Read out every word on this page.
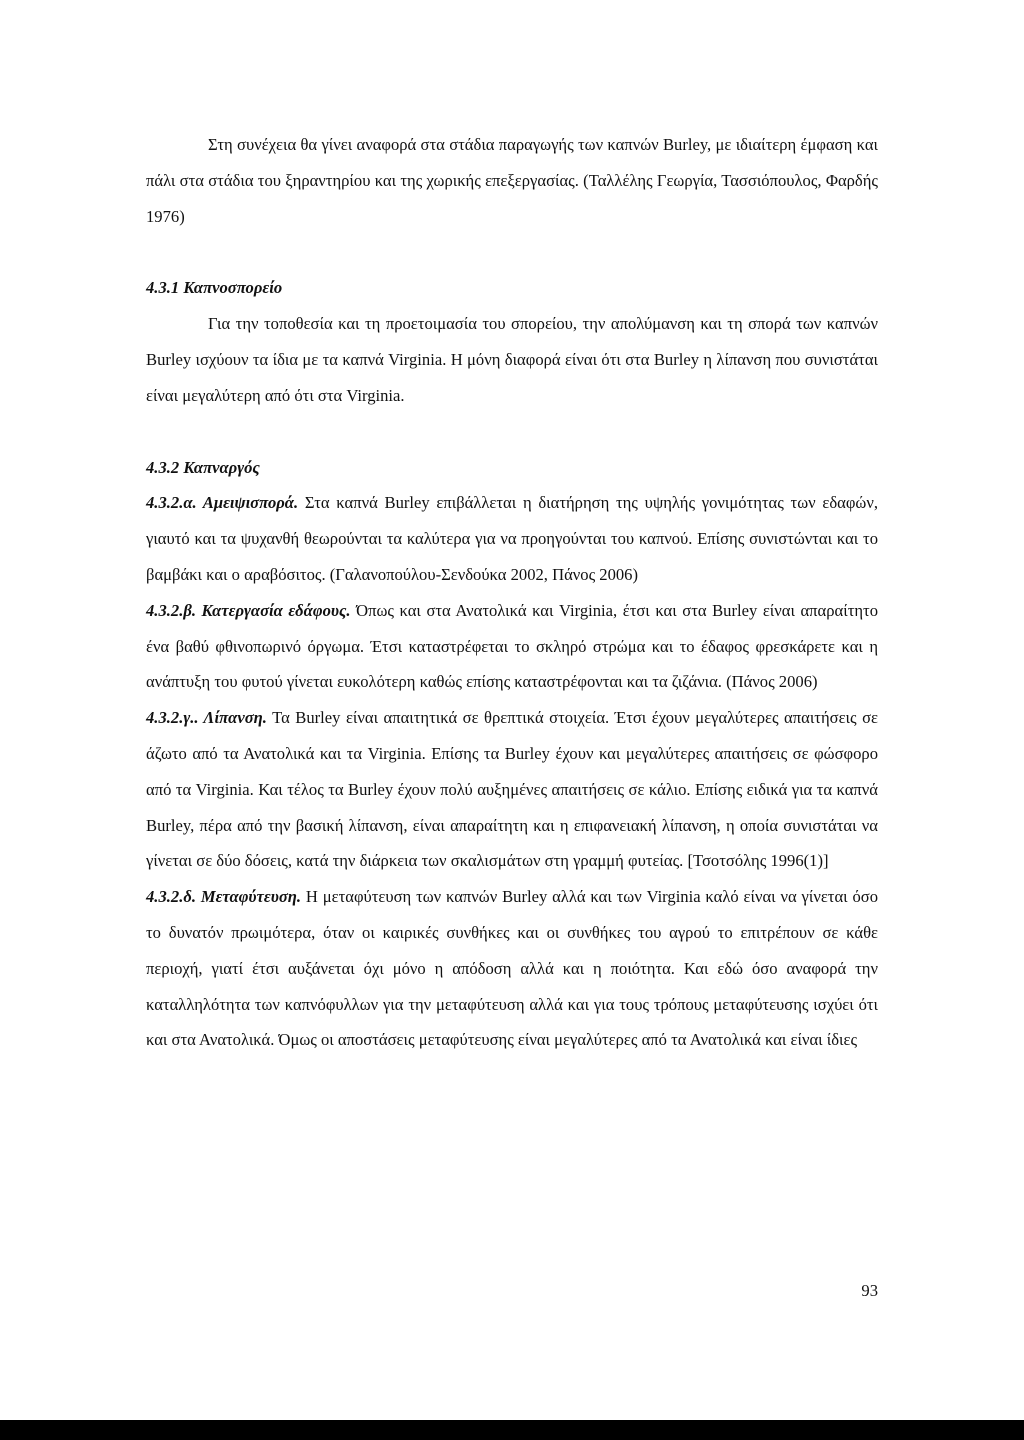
Στη συνέχεια θα γίνει αναφορά στα στάδια παραγωγής των καπνών Burley, με ιδιαίτερη έμφαση και πάλι στα στάδια του ξηραντηρίου και της χωρικής επεξεργασίας. (Ταλλέλης Γεωργία, Τασσιόπουλος, Φαρδής 1976)

4.3.1 Καπνοσπορείο

Για την τοποθεσία και τη προετοιμασία του σπορείου, την απολύμανση και τη σπορά των καπνών Burley ισχύουν τα ίδια με τα καπνά Virginia. Η μόνη διαφορά είναι ότι στα Burley η λίπανση που συνιστάται είναι μεγαλύτερη από ότι στα Virginia.

4.3.2 Καπναργός

4.3.2.α. Αμειψισπορά. Στα καπνά Burley επιβάλλεται η διατήρηση της υψηλής γονιμότητας των εδαφών, γιαυτό και τα ψυχανθή θεωρούνται τα καλύτερα για να προηγούνται του καπνού. Επίσης συνιστώνται και το βαμβάκι και ο αραβόσιτος. (Γαλανοπούλου-Σενδούκα 2002, Πάνος 2006)

4.3.2.β. Κατεργασία εδάφους. Όπως και στα Ανατολικά και Virginia, έτσι και στα Burley είναι απαραίτητο ένα βαθύ φθινοπωρινό όργωμα. Έτσι καταστρέφεται το σκληρό στρώμα και το έδαφος φρεσκάρετε και η ανάπτυξη του φυτού γίνεται ευκολότερη καθώς επίσης καταστρέφονται και τα ζιζάνια. (Πάνος 2006)

4.3.2.γ.. Λίπανση. Τα Burley είναι απαιτητικά σε θρεπτικά στοιχεία. Έτσι έχουν μεγαλύτερες απαιτήσεις σε άζωτο από τα Ανατολικά και τα Virginia. Επίσης τα Burley έχουν και μεγαλύτερες απαιτήσεις σε φώσφορο από τα Virginia. Και τέλος τα Burley έχουν πολύ αυξημένες απαιτήσεις σε κάλιο. Επίσης ειδικά για τα καπνά Burley, πέρα από την βασική λίπανση, είναι απαραίτητη και η επιφανειακή λίπανση, η οποία συνιστάται να γίνεται σε δύο δόσεις, κατά την διάρκεια των σκαλισμάτων στη γραμμή φυτείας. [Τσοτσόλης 1996(1)]

4.3.2.δ. Μεταφύτευση. Η μεταφύτευση των καπνών Burley αλλά και των Virginia καλό είναι να γίνεται όσο το δυνατόν πρωιμότερα, όταν οι καιρικές συνθήκες και οι συνθήκες του αγρού το επιτρέπουν σε κάθε περιοχή, γιατί έτσι αυξάνεται όχι μόνο η απόδοση αλλά και η ποιότητα. Και εδώ όσο αναφορά την καταλληλότητα των καπνόφυλλων για την μεταφύτευση αλλά και για τους τρόπους μεταφύτευσης ισχύει ότι και στα Ανατολικά. Όμως οι αποστάσεις μεταφύτευσης είναι μεγαλύτερες από τα Ανατολικά και είναι ίδιες

93
